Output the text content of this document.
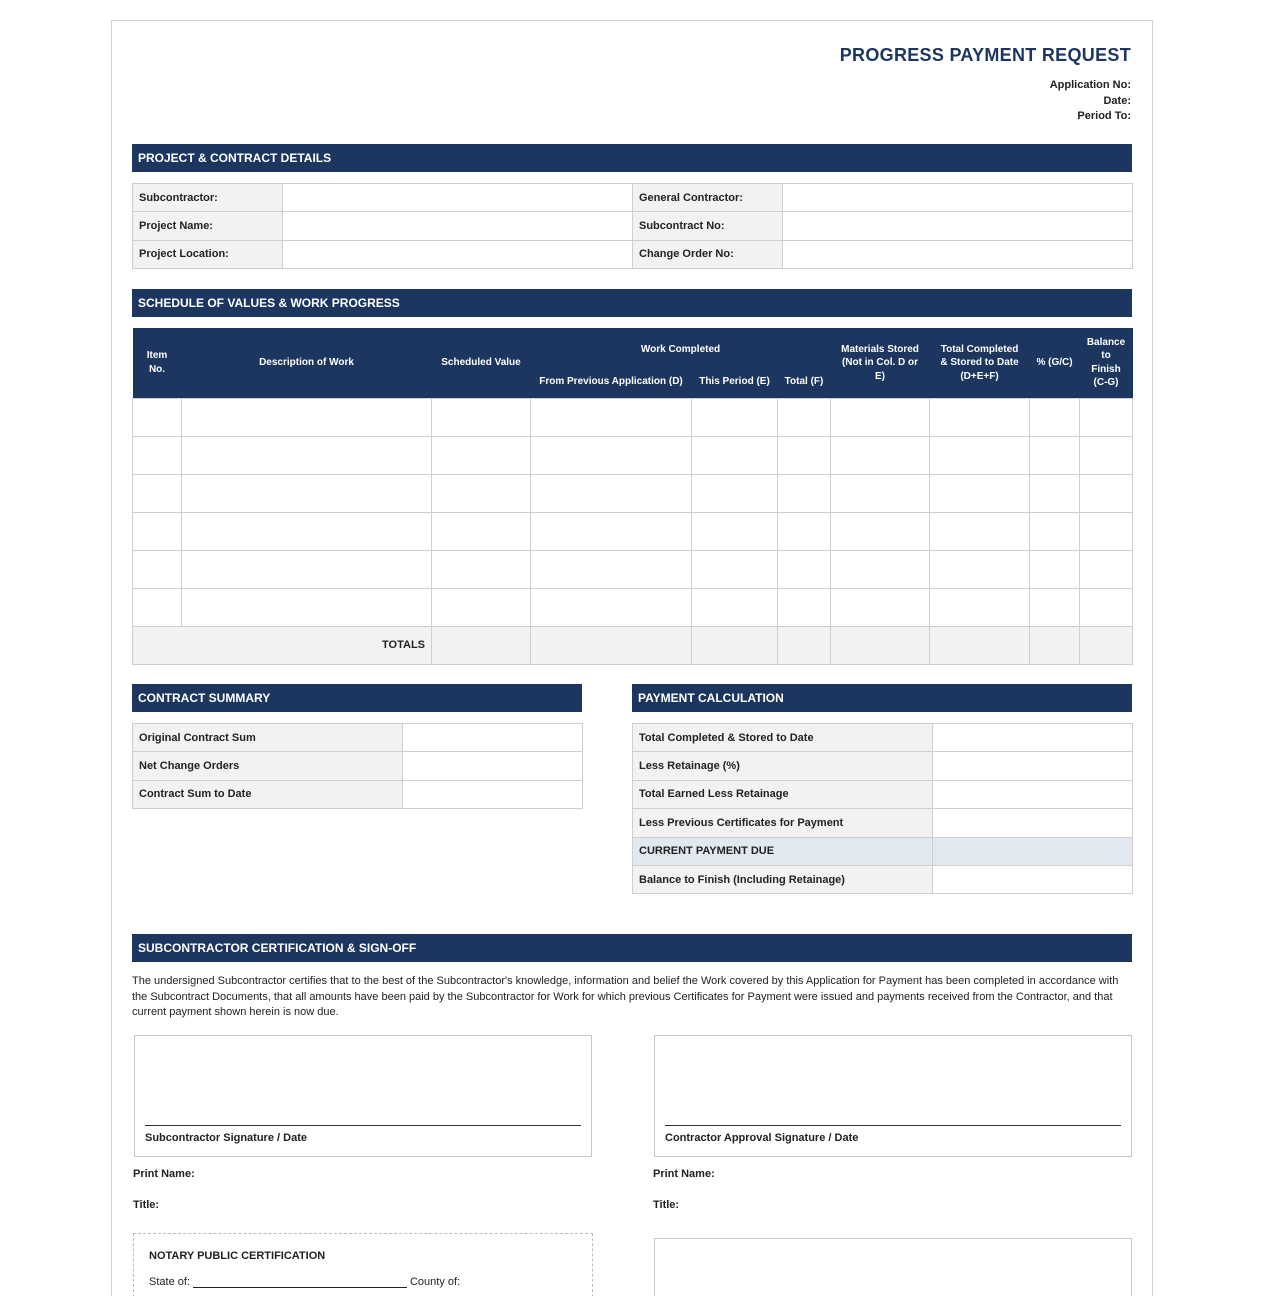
PROGRESS PAYMENT REQUEST
Application No:
Date:
Period To:
PROJECT & CONTRACT DETAILS
Subcontractor:		General Contractor:	
Project Name:		Subcontract No:	
Project Location:		Change Order No:	
SCHEDULE OF VALUES & WORK PROGRESS
Item No.	Description of Work	Scheduled Value	Work Completed			Materials Stored (Not in Col. D or E)	Total Completed & Stored to Date (D+E+F)	% (G/C)	Balance to Finish (C-G)
			From Previous Application (D)	This Period (E)	Total (F)				

TOTALS									
CONTRACT SUMMARY
Original Contract Sum	
Net Change Orders	
Contract Sum to Date	
PAYMENT CALCULATION
Total Completed & Stored to Date	
Less Retainage (%)	
Total Earned Less Retainage	
Less Previous Certificates for Payment	
CURRENT PAYMENT DUE	
Balance to Finish (Including Retainage)	
SUBCONTRACTOR CERTIFICATION & SIGN-OFF
The undersigned Subcontractor certifies that to the best of the Subcontractor's knowledge, information and belief the Work covered by this Application for Payment has been completed in accordance with the Subcontract Documents, that all amounts have been paid by the Subcontractor for Work for which previous Certificates for Payment were issued and payments received from the Contractor, and that current payment shown herein is now due.
Subcontractor Signature / Date	Contractor Approval Signature / Date
Print Name:
Title:
Print Name:
Title:
NOTARY PUBLIC CERTIFICATION
State of:	County of:
